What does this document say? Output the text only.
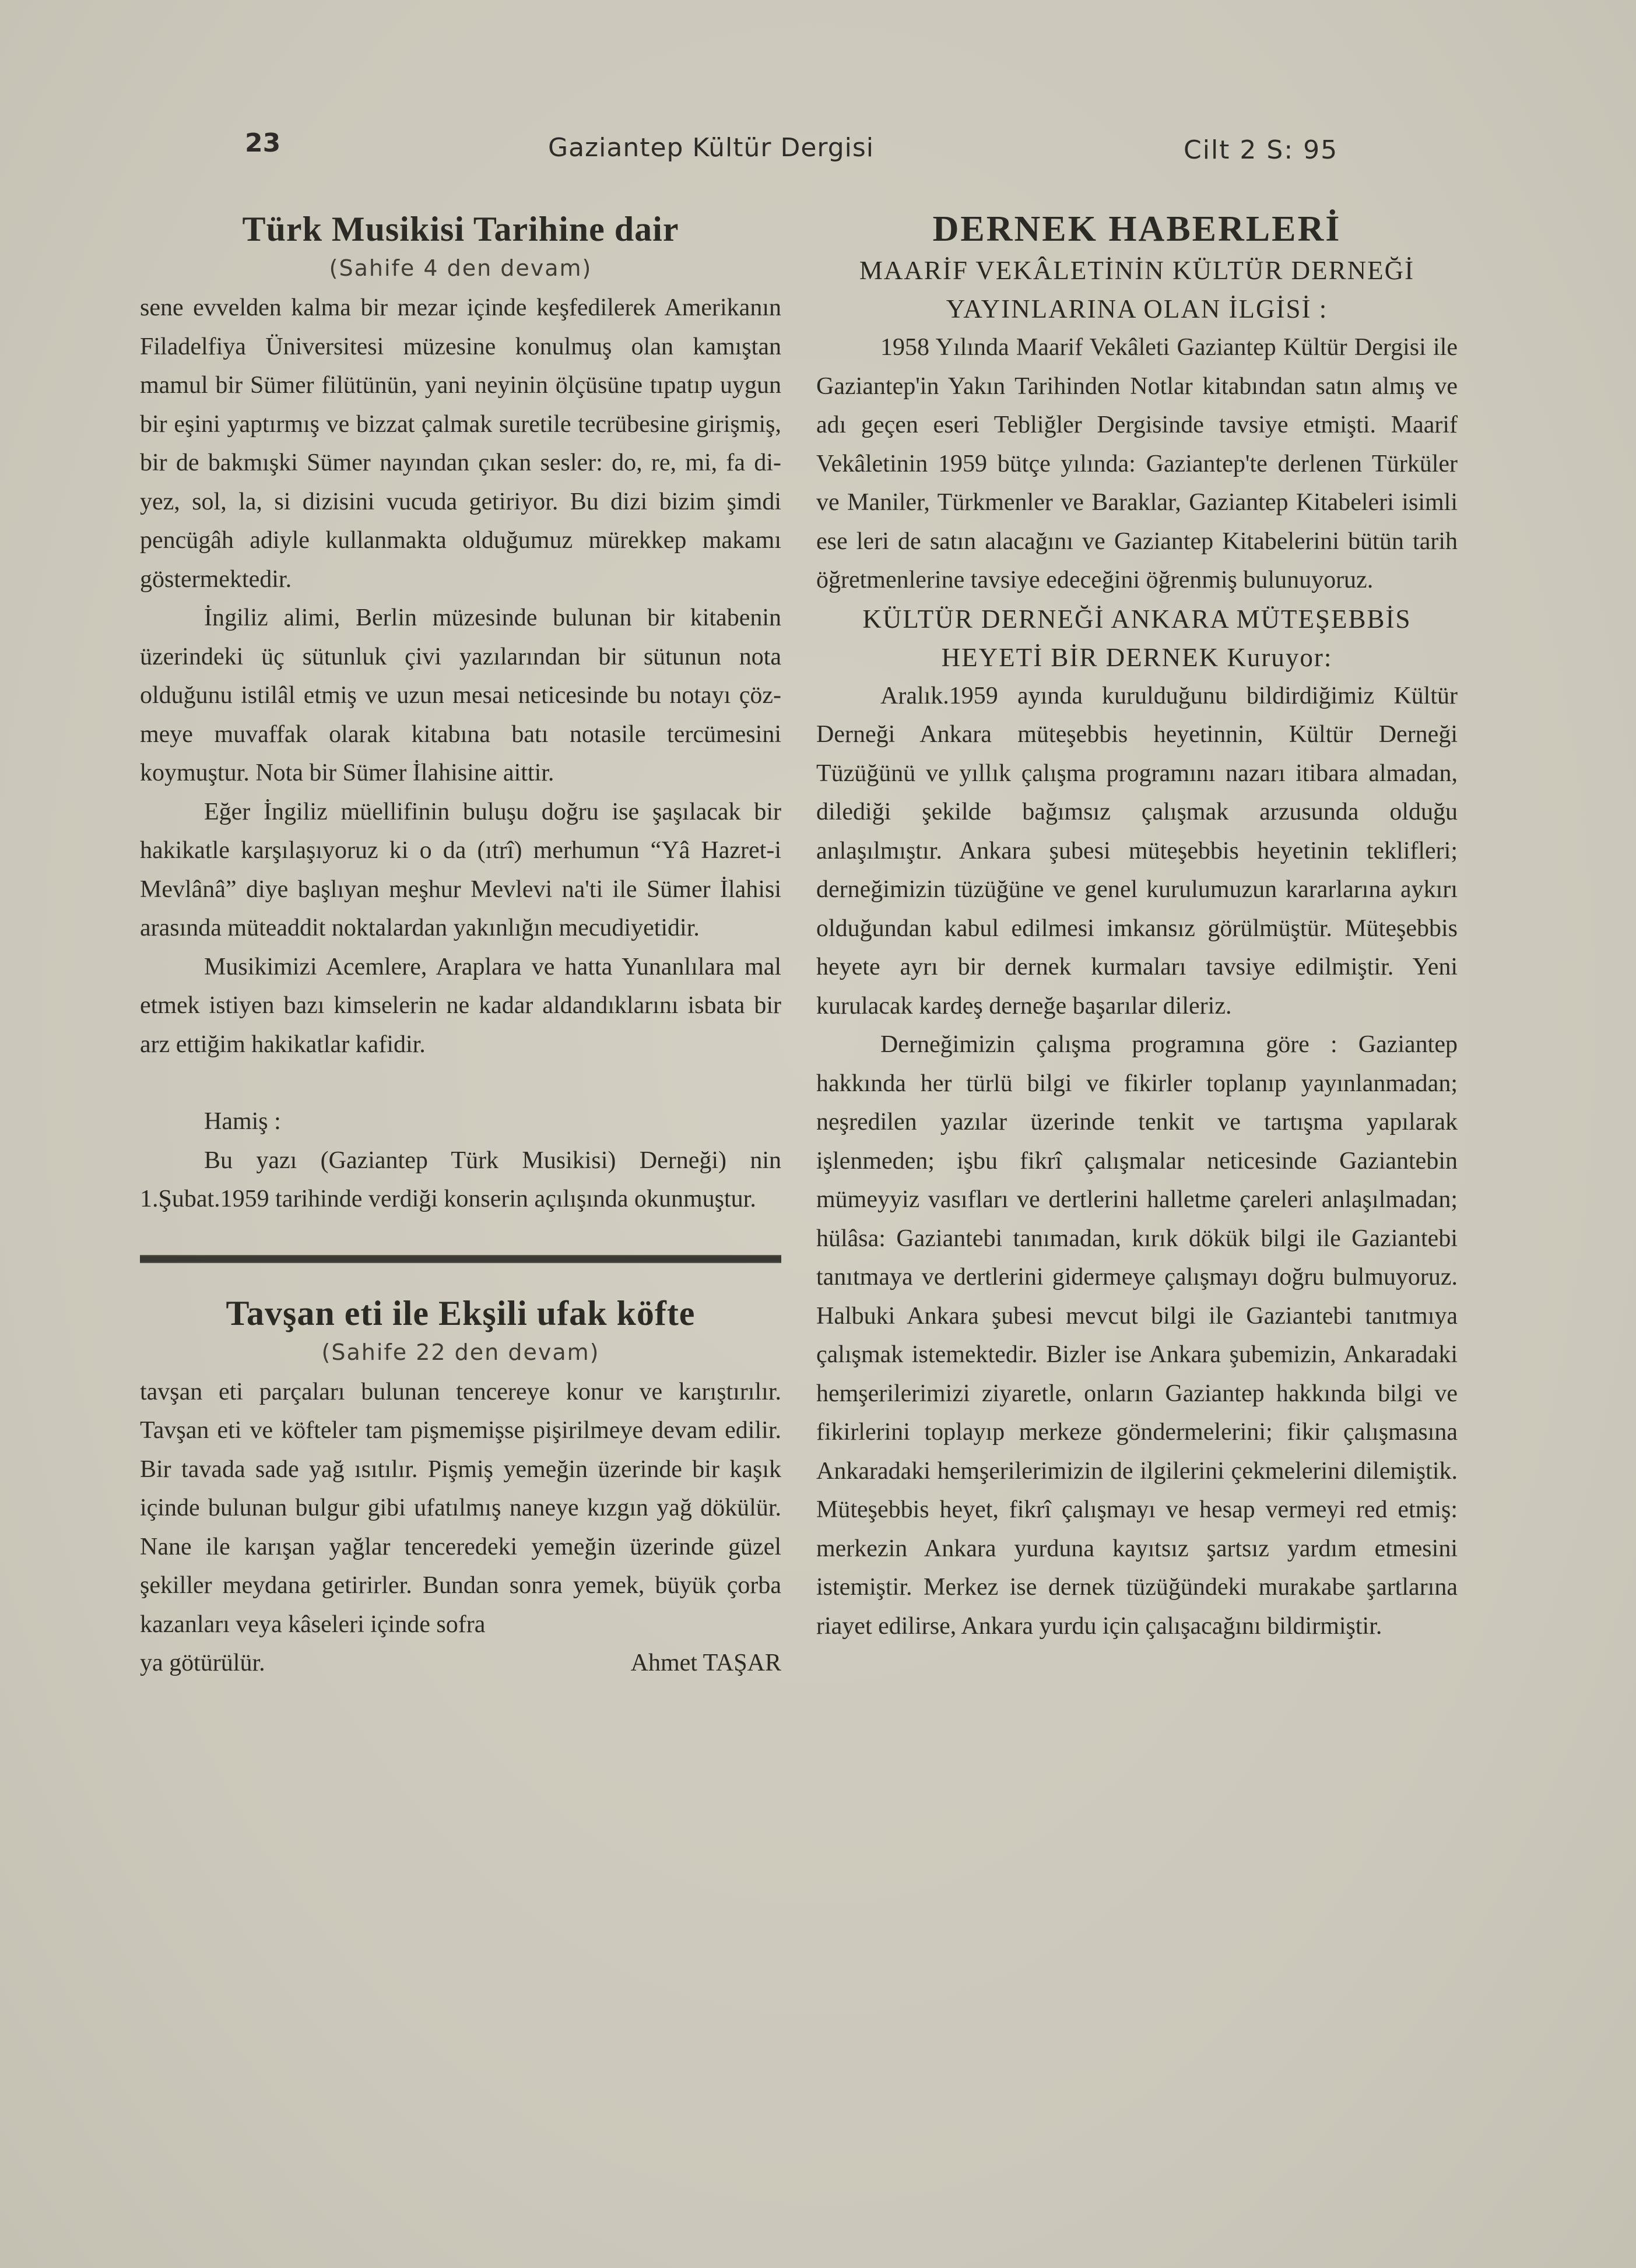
23	Gaziantep Kültür Dergisi	Cilt 2 S: 95
Türk Musikisi Tarihine dair
(Sahife 4 den devam)

sene evvelden kalma bir mezar içinde keşfedilerek Amerikanın Filadelfiya Üniversitesi müzesine konulmuş olan kamıştan mamul bir Sümer filütünün, yani neyinin ölçüsüne tıpatıp uygun bir eşini yaptırmış ve bizzat çalmak suretile tecrübesine girişmiş, bir de bakmışki Sümer nayından çıkan sesler: do, re, mi, fa diyez, sol, la, si dizisini vucuda getiriyor. Bu dizi bizim şimdi pencügâh adiyle kullanmakta olduğumuz mürekkep makamı göstermektedir.

İngiliz alimi, Berlin müzesinde bulunan bir kitabenin üzerindeki üç sütunluk çivi yazılarından bir sütunun nota olduğunu istilâl etmiş ve uzun mesai neticesinde bu notayı çözmeye muvaffak olarak kitabına batı notasile tercümesini koymuştur. Nota bir Sümer İlahisine aittir.

Eğer İngiliz müellifinin buluşu doğru ise şaşılacak bir hakikatle karşılaşıyoruz ki o da (ıtrî) merhumun “Yâ Hazret-i Mevlânâ” diye başlıyan meşhur Mevlevi na'ti ile Sümer İlahisi arasında müteaddit noktalardan yakınlığın mecudiyetidir.

Musikimizi Acemlere, Araplara ve hatta Yunanlılara mal etmek istiyen bazı kimselerin ne kadar aldandıklarını isbata bir arz ettiğim hakikatlar kafidir.

Hamiş :

Bu yazı (Gaziantep Türk Musikisi) Derneği) nin 1.Şubat.1959 tarihinde verdiği konserin açılışında okunmuştur.

Tavşan eti ile Ekşili ufak köfte
(Sahife 22 den devam)

tavşan eti parçaları bulunan tencereye konur ve karıştırılır. Tavşan eti ve köfteler tam pişmemişse pişirilmeye devam edilir. Bir tavada sade yağ ısıtılır. Pişmiş yemeğin üzerinde bir kaşık içinde bulunan bulgur gibi ufatılmış naneye kızgın yağ dökülür. Nane ile karışan yağlar tenceredeki yemeğin üzerinde güzel şekiller meydana getirirler. Bundan sonra yemek, büyük çorba kazanları veya kâseleri içinde sofra

ya götürülür.	Ahmet TAŞAR
DERNEK HABERLERİ

MAARİF VEKÂLETİNİN KÜLTÜR DERNEĞİ YAYINLARINA OLAN İLGİSİ :

1958 Yılında Maarif Vekâleti Gaziantep Kültür Dergisi ile Gaziantep'in Yakın Tarihinden Notlar kitabından satın almış ve adı geçen eseri Tebliğler Dergisinde tavsiye etmişti. Maarif Vekâletinin 1959 bütçe yılında: Gaziantep'te derlenen Türküler ve Maniler, Türkmenler ve Baraklar, Gaziantep Kitabeleri isimli ese leri de satın alacağını ve Gaziantep Kitabelerini bütün tarih öğretmenlerine tavsiye edeceğini öğrenmiş bulunuyoruz.

KÜLTÜR DERNEĞİ ANKARA MÜTEŞEBBİS HEYETİ BİR DERNEK Kuruyor:

Aralık.1959 ayında kurulduğunu bildirdiğimiz Kültür Derneği Ankara müteşebbis heyetinnin, Kültür Derneği Tüzüğünü ve yıllık çalışma programını nazarı itibara almadan, dilediği şekilde bağımsız çalışmak arzusunda olduğu anlaşılmıştır. Ankara şubesi müteşebbis heyetinin teklifleri; derneğimizin tüzüğüne ve genel kurulumuzun kararlarına aykırı olduğundan kabul edilmesi imkansız görülmüştür. Müteşebbis heyete ayrı bir dernek kurmaları tavsiye edilmiştir. Yeni kurulacak kardeş derneğe başarılar dileriz.

Derneğimizin çalışma programına göre : Gaziantep hakkında her türlü bilgi ve fikirler toplanıp yayınlanmadan; neşredilen yazılar üzerinde tenkit ve tartışma yapılarak işlenmeden; işbu fikrî çalışmalar neticesinde Gaziantebin mümeyyiz vasıfları ve dertlerini halletme çareleri anlaşılmadan; hülâsa: Gaziantebi tanımadan, kırık dökük bilgi ile Gaziantebi tanıtmaya ve dertlerini gidermeye çalışmayı doğru bulmuyoruz. Halbuki Ankara şubesi mevcut bilgi ile Gaziantebi tanıtmıya çalışmak istemektedir. Bizler ise Ankara şubemizin, Ankaradaki hemşerilerimizi ziyaretle, onların Gaziantep hakkında bilgi ve fikirlerini toplayıp merkeze göndermelerini; fikir çalışmasına Ankaradaki hemşerilerimizin de ilgilerini çekmelerini dilemiştik. Müteşebbis heyet, fikrî çalışmayı ve hesap vermeyi red etmiş: merkezin Ankara yurduna kayıtsız şartsız yardım etmesini istemiştir. Merkez ise dernek tüzüğündeki murakabe şartlarına riayet edilirse, Ankara yurdu için çalışacağını bildirmiştir.
